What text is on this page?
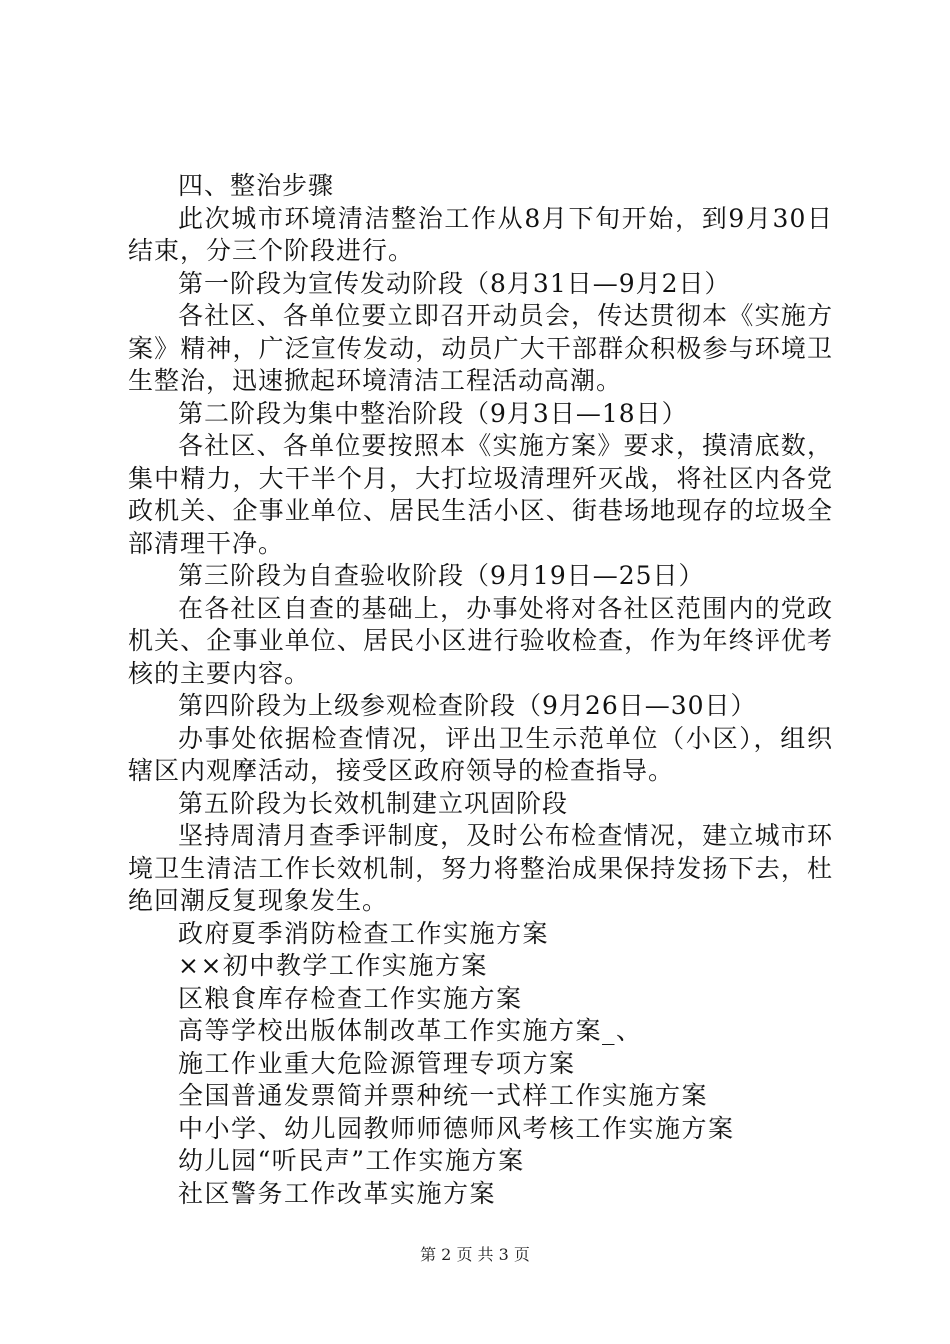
四、整治步骤

此次城市环境清洁整治工作从8月下旬开始，到9月30日结束，分三个阶段进行。

第一阶段为宣传发动阶段（8月31日—9月2日）

各社区、各单位要立即召开动员会，传达贯彻本《实施方案》精神，广泛宣传发动，动员广大干部群众积极参与环境卫生整治，迅速掀起环境清洁工程活动高潮。

第二阶段为集中整治阶段（9月3日—18日）

各社区、各单位要按照本《实施方案》要求，摸清底数，集中精力，大干半个月，大打垃圾清理歼灭战，将社区内各党政机关、企事业单位、居民生活小区、街巷场地现存的垃圾全部清理干净。

第三阶段为自查验收阶段（9月19日—25日）

在各社区自查的基础上，办事处将对各社区范围内的党政机关、企事业单位、居民小区进行验收检查，作为年终评优考核的主要内容。

第四阶段为上级参观检查阶段（9月26日—30日）

办事处依据检查情况，评出卫生示范单位（小区），组织辖区内观摩活动，接受区政府领导的检查指导。

第五阶段为长效机制建立巩固阶段

坚持周清月查季评制度，及时公布检查情况，建立城市环境卫生清洁工作长效机制，努力将整治成果保持发扬下去，杜绝回潮反复现象发生。

政府夏季消防检查工作实施方案

××初中教学工作实施方案

区粮食库存检查工作实施方案

高等学校出版体制改革工作实施方案_、

施工作业重大危险源管理专项方案

全国普通发票简并票种统一式样工作实施方案

中小学、幼儿园教师师德师风考核工作实施方案

幼儿园“听民声”工作实施方案

社区警务工作改革实施方案

第 2 页 共 3 页
